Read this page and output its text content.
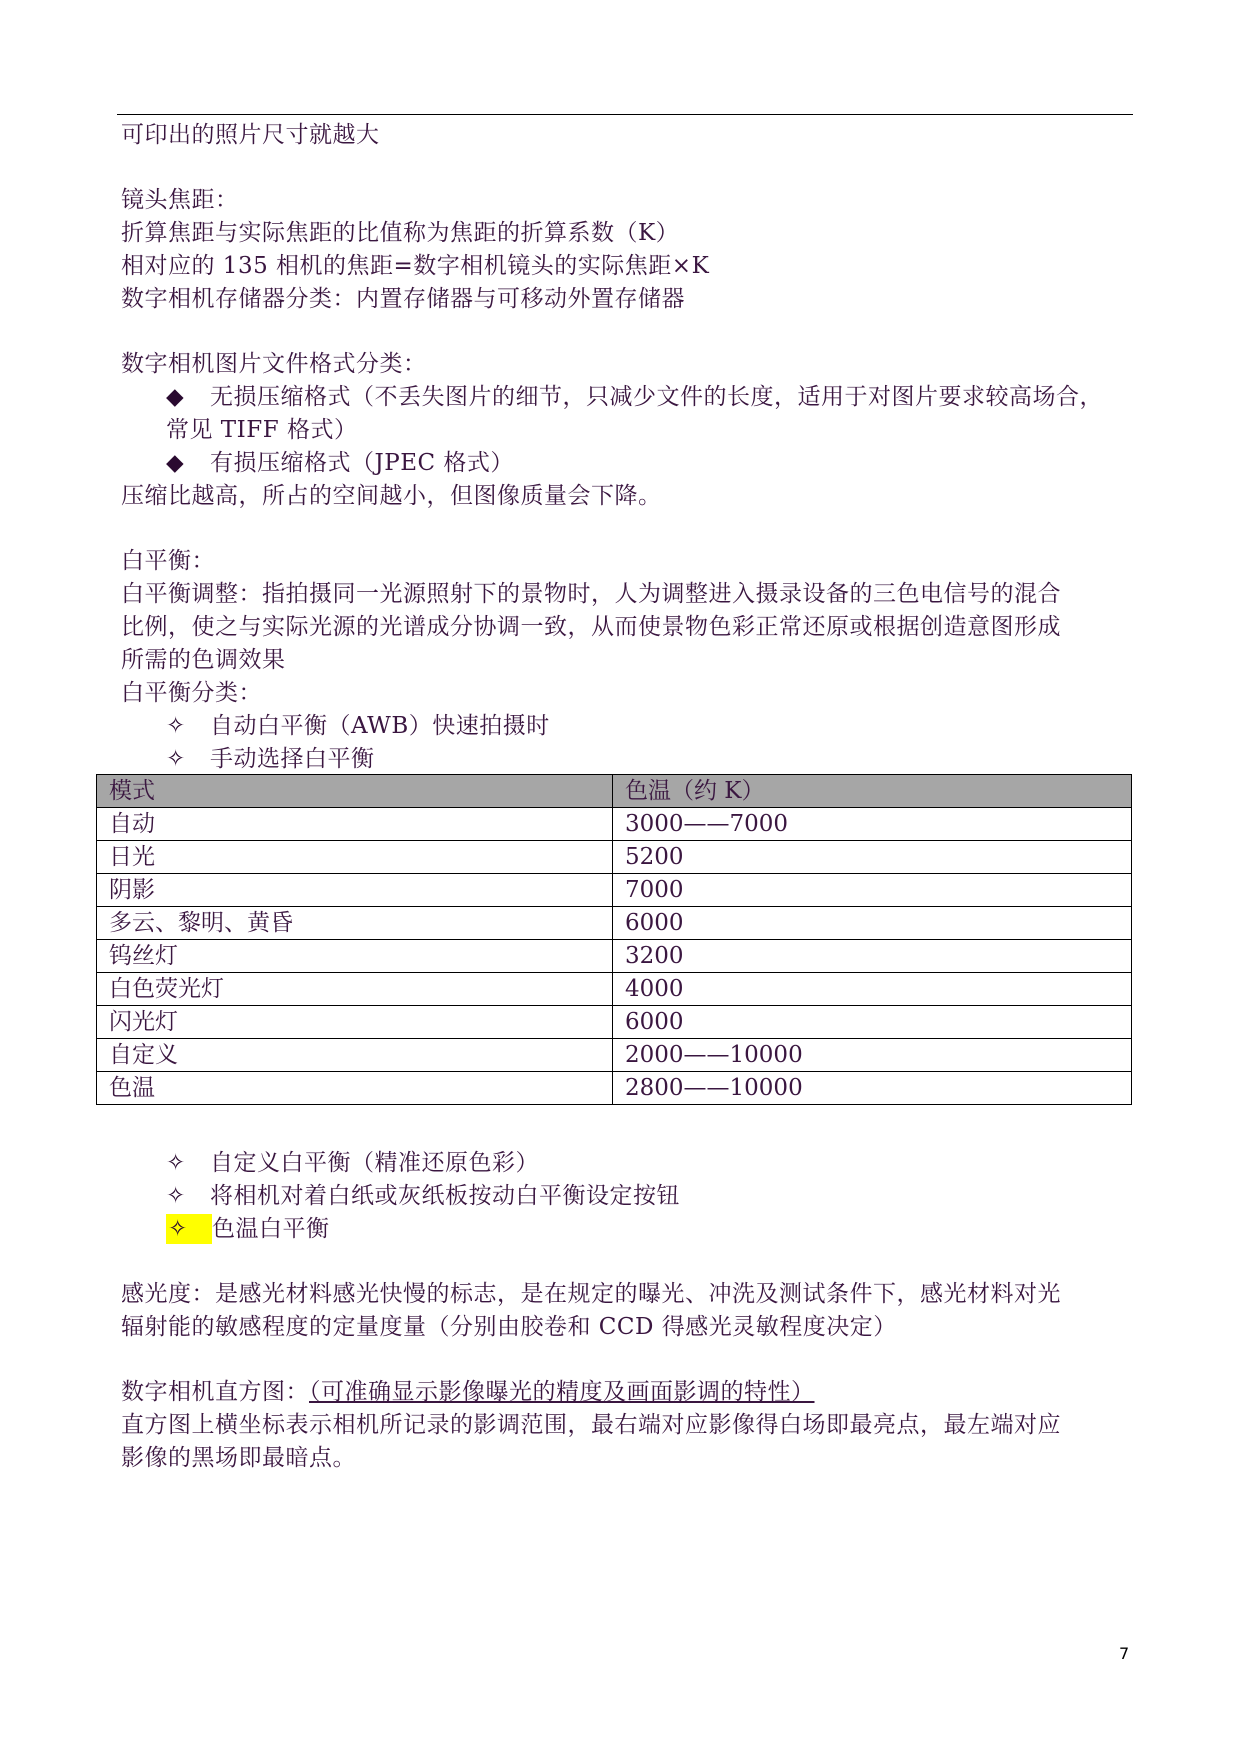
可印出的照片尺寸就越大
镜头焦距：
折算焦距与实际焦距的比值称为焦距的折算系数（K）
相对应的 135 相机的焦距=数字相机镜头的实际焦距×K
数字相机存储器分类：内置存储器与可移动外置存储器
数字相机图片文件格式分类：
◆ 无损压缩格式（不丢失图片的细节，只减少文件的长度，适用于对图片要求较高场合，
常见 TIFF 格式）
◆ 有损压缩格式（JPEC 格式）
压缩比越高，所占的空间越小，但图像质量会下降。
白平衡：
白平衡调整：指拍摄同一光源照射下的景物时，人为调整进入摄录设备的三色电信号的混合
比例，使之与实际光源的光谱成分协调一致，从而使景物色彩正常还原或根据创造意图形成
所需的色调效果
白平衡分类：
✧ 自动白平衡（AWB）快速拍摄时
✧ 手动选择白平衡
模式	色温（约 K）
自动	3000——7000
日光	5200
阴影	7000
多云、黎明、黄昏	6000
钨丝灯	3200
白色荧光灯	4000
闪光灯	6000
自定义	2000——10000
色温	2800——10000
✧ 自定义白平衡（精准还原色彩）
✧ 将相机对着白纸或灰纸板按动白平衡设定按钮
✧ 色温白平衡
感光度：是感光材料感光快慢的标志，是在规定的曝光、冲洗及测试条件下，感光材料对光
辐射能的敏感程度的定量度量（分别由胶卷和 CCD 得感光灵敏程度决定）
数字相机直方图：（可准确显示影像曝光的精度及画面影调的特性）
直方图上横坐标表示相机所记录的影调范围，最右端对应影像得白场即最亮点，最左端对应
影像的黑场即最暗点。
7
